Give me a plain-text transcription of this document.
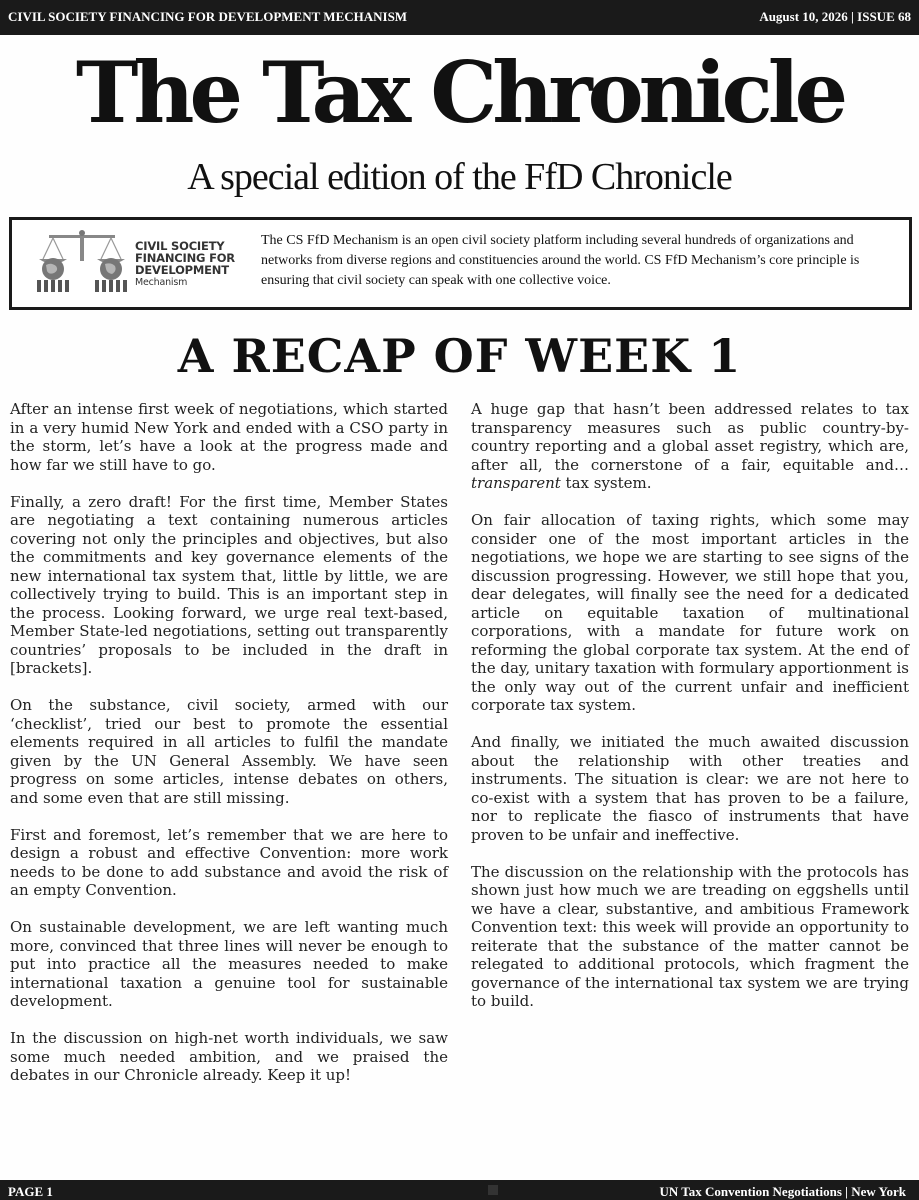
CIVIL SOCIETY FINANCING FOR DEVELOPMENT MECHANISM	August 10, 2026 | ISSUE 68
The Tax Chronicle
A special edition of the FfD Chronicle
CIVIL SOCIETY
FINANCING FOR
DEVELOPMENT
Mechanism
The CS FfD Mechanism is an open civil society platform including several hundreds of organizations and networks from diverse regions and constituencies around the world. CS FfD Mechanism’s core principle is ensuring that civil society can speak with one collective voice.
A RECAP OF WEEK 1

After an intense first week of negotiations, which started in a very humid New York and ended with a CSO party in the storm, let’s have a look at the progress made and how far we still have to go.

Finally, a zero draft! For the first time, Member States are negotiating a text containing numerous articles covering not only the principles and objectives, but also the commitments and key governance elements of the new international tax system that, little by little, we are collectively trying to build. This is an important step in the process. Looking forward, we urge real text-based, Member State-led negotiations, setting out transparently countries’ proposals to be included in the draft in [brackets].

On the substance, civil society, armed with our ‘checklist’, tried our best to promote the essential elements required in all articles to fulfil the mandate given by the UN General Assembly. We have seen progress on some articles, intense debates on others, and some even that are still missing.

First and foremost, let’s remember that we are here to design a robust and effective Convention: more work needs to be done to add substance and avoid the risk of an empty Convention.

On sustainable development, we are left wanting much more, convinced that three lines will never be enough to put into practice all the measures needed to make international taxation a genuine tool for sustainable development.

In the discussion on high-net worth individuals, we saw some much needed ambition, and we praised the debates in our Chronicle already. Keep it up!

A huge gap that hasn’t been addressed relates to tax transparency measures such as public country-by-country reporting and a global asset registry, which are, after all, the cornerstone of a fair, equitable and… transparent tax system.

On fair allocation of taxing rights, which some may consider one of the most important articles in the negotiations, we hope we are starting to see signs of the discussion progressing. However, we still hope that you, dear delegates, will finally see the need for a dedicated article on equitable taxation of multinational corporations, with a mandate for future work on reforming the global corporate tax system. At the end of the day, unitary taxation with formulary apportionment is the only way out of the current unfair and inefficient corporate tax system.

And finally, we initiated the much awaited discussion about the relationship with other treaties and instruments. The situation is clear: we are not here to co-exist with a system that has proven to be a failure, nor to replicate the fiasco of instruments that have proven to be unfair and ineffective.

The discussion on the relationship with the protocols has shown just how much we are treading on eggshells until we have a clear, substantive, and ambitious Framework Convention text: this week will provide an opportunity to reiterate that the substance of the matter cannot be relegated to additional protocols, which fragment the governance of the international tax system we are trying to build.

PAGE 1	UN Tax Convention Negotiations | New York
